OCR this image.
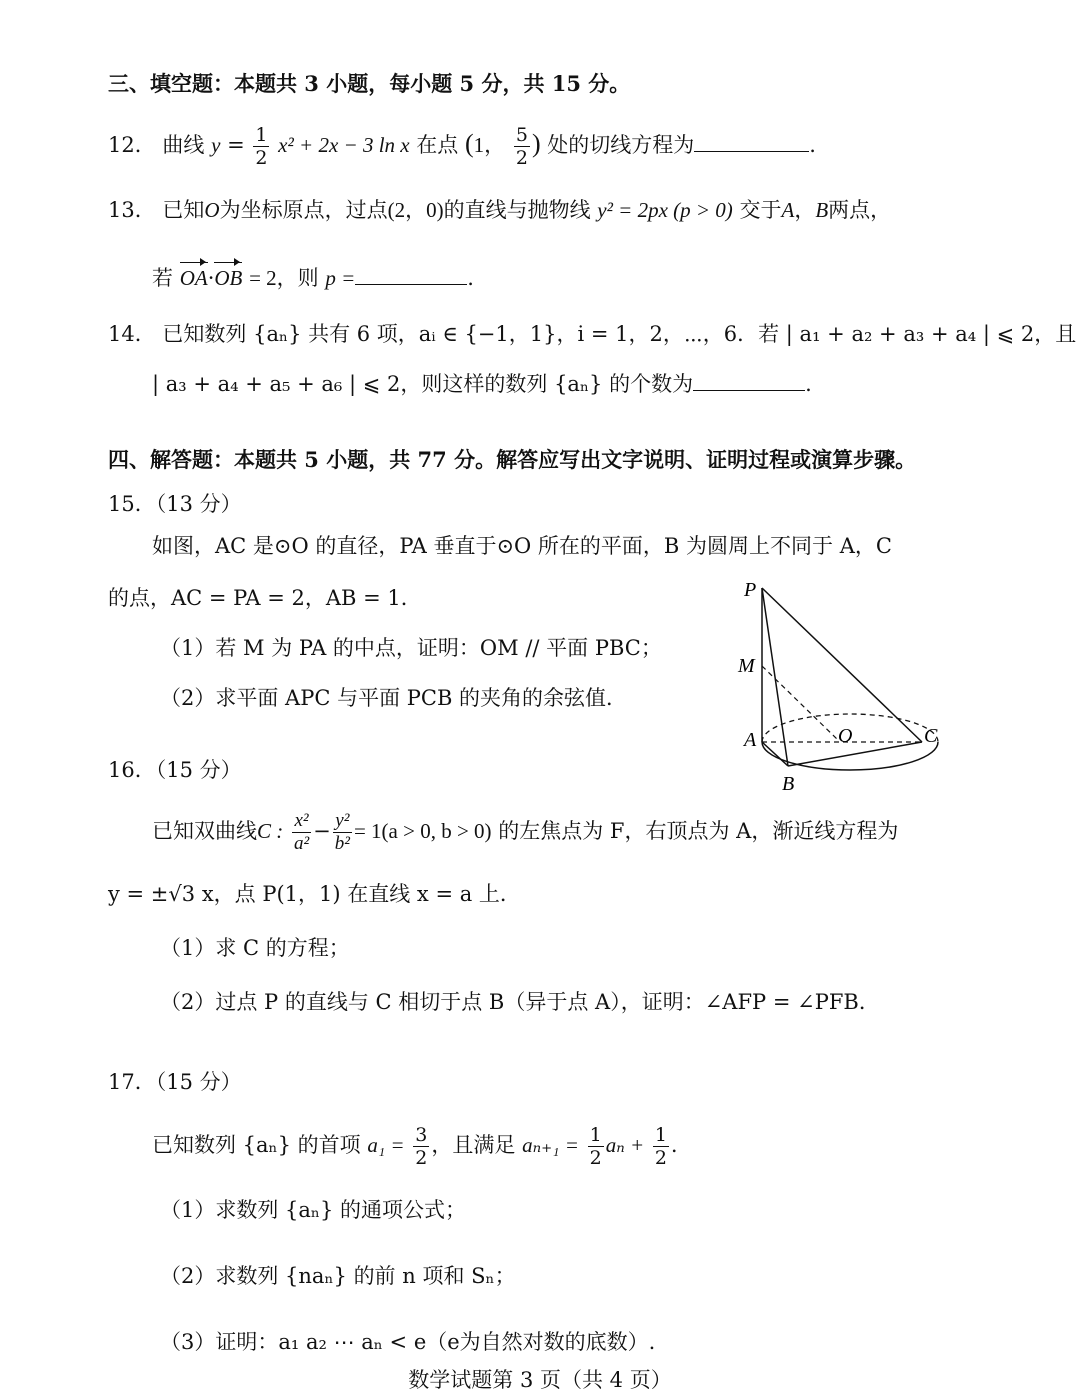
三、填空题：本题共 3 小题，每小题 5 分，共 15 分。
12． 曲线 $y = \frac{1}{2} x^2 + 2x - 3$ ln x 在点 (1， $\frac{5}{2}$ ) 处的切线方程为	.
13． 已知O为坐标原点，过点(2，0)的直线与抛物线 y² = 2px (p > 0) 交于A，B两点，
若 OA·OB = 2，则 p =	.
14． 已知数列 {aₙ} 共有 6 项，aᵢ ∈ {−1，1}，i = 1，2，⋯，6．若 | a₁ + a₂ + a₃ + a₄ | ⩽ 2，且
| a₃ + a₄ + a₅ + a₆ | ⩽ 2，则这样的数列 {aₙ} 的个数为	.
四、解答题：本题共 5 小题，共 77 分。解答应写出文字说明、证明过程或演算步骤。
15．（13 分）
如图，AC 是⊙O 的直径，PA 垂直于⊙O 所在的平面，B 为圆周上不同于 A，C
的点，AC = PA = 2，AB = 1．
（1）若 M 为 PA 的中点，证明：OM // 平面 PBC；
（2）求平面 APC 与平面 PCB 的夹角的余弦值．
P
M
A	O	C
B
16．（15 分）
已知双曲线C : $\frac{\text{x²}}{\text{a²}} - \frac{\text{y²}}{\text{b²}} = 1(a > 0$, b > 0) 的左焦点为 F，右顶点为 A，渐近线方程为
y = ±√3 x，点 P(1，1) 在直线 x = a 上．
（1）求 C 的方程；
（2）过点 P 的直线与 C 相切于点 B（异于点 A），证明：∠AFP = ∠PFB．
17．（15 分）
已知数列 {aₙ} 的首项 $a_1 = \frac{3}{2}$ ，且满足 $a_{n+1} = \frac{1}{2}$ $a_n + \frac{1}{2}$ .
（1）求数列 {aₙ} 的通项公式；
（2）求数列 {naₙ} 的前 n 项和 Sₙ；
（3）证明：a₁ a₂ ⋯ aₙ < e（e为自然对数的底数）.
数学试题第 3 页（共 4 页）
